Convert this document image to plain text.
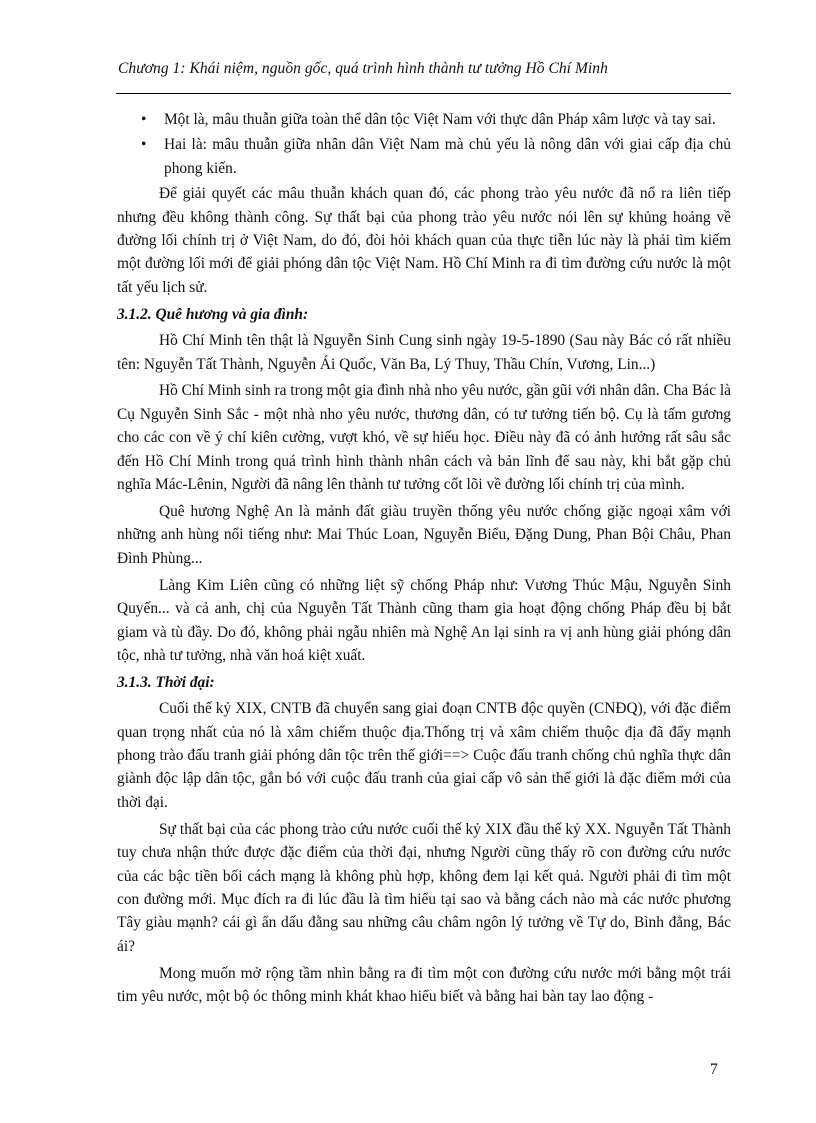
Chương 1: Khái niệm, nguồn gốc, quá trình hình thành tư tưởng Hồ Chí Minh
• Một là, mâu thuẫn giữa toàn thể dân tộc Việt Nam với thực dân Pháp xâm lược và tay sai.
• Hai là: mâu thuẫn giữa nhân dân Việt Nam mà chủ yếu là nông dân với giai cấp địa chủ phong kiến.

Để giải quyết các mâu thuẫn khách quan đó, các phong trào yêu nước đã nổ ra liên tiếp nhưng đều không thành công. Sự thất bại của phong trào yêu nước nói lên sự khủng hoảng về đường lối chính trị ở Việt Nam, do đó, đòi hỏi khách quan của thực tiễn lúc này là phải tìm kiếm một đường lối mới để giải phóng dân tộc Việt Nam. Hồ Chí Minh ra đi tìm đường cứu nước là một tất yếu lịch sử.

3.1.2. Quê hương và gia đình:

Hồ Chí Minh tên thật là Nguyễn Sinh Cung sinh ngày 19-5-1890 (Sau này Bác có rất nhiều tên: Nguyễn Tất Thành, Nguyễn Ái Quốc, Văn Ba, Lý Thuy, Thầu Chín, Vương, Lin...)

Hồ Chí Minh sinh ra trong một gia đình nhà nho yêu nước, gần gũi với nhân dân. Cha Bác là Cụ Nguyễn Sinh Sắc - một nhà nho yêu nước, thương dân, có tư tưởng tiến bộ. Cụ là tấm gương cho các con về ý chí kiên cường, vượt khó, về sự hiếu học. Điều này đã có ảnh hưởng rất sâu sắc đến Hồ Chí Minh trong quá trình hình thành nhân cách và bản lĩnh để sau này, khi bắt gặp chủ nghĩa Mác-Lênin, Người đã nâng lên thành tư tưởng cốt lõi về đường lối chính trị của mình.

Quê hương Nghệ An là mảnh đất giàu truyền thống yêu nước chống giặc ngoại xâm với những anh hùng nổi tiếng như: Mai Thúc Loan, Nguyễn Biểu, Đặng Dung, Phan Bội Châu, Phan Đình Phùng...

Làng Kim Liên cũng có những liệt sỹ chống Pháp như: Vương Thúc Mậu, Nguyễn Sinh Quyến... và cả anh, chị của Nguyễn Tất Thành cũng tham gia hoạt động chống Pháp đều bị bắt giam và tù đầy. Do đó, không phải ngẫu nhiên mà Nghệ An lại sinh ra vị anh hùng giải phóng dân tộc, nhà tư tưởng, nhà văn hoá kiệt xuất.

3.1.3. Thời đại:

Cuối thế kỷ XIX, CNTB đã chuyển sang giai đoạn CNTB độc quyền (CNĐQ), với đặc điểm quan trọng nhất của nó là xâm chiếm thuộc địa.Thống trị và xâm chiếm thuộc địa đã đẩy mạnh phong trào đấu tranh giải phóng dân tộc trên thế giới==> Cuộc đấu tranh chống chủ nghĩa thực dân giành độc lập dân tộc, gắn bó với cuộc đấu tranh của giai cấp vô sản thế giới là đặc điểm mới của thời đại.

Sự thất bại của các phong trào cứu nước cuối thế kỷ XIX đầu thế kỷ XX. Nguyễn Tất Thành tuy chưa nhận thức được đặc điểm của thời đại, nhưng Người cũng thấy rõ con đường cứu nước của các bậc tiền bối cách mạng là không phù hợp, không đem lại kết quả. Người phải đi tìm một con đường mới. Mục đích ra đi lúc đầu là tìm hiểu tại sao và bằng cách nào mà các nước phương Tây giàu mạnh? cái gì ẩn dấu đằng sau những câu châm ngôn lý tưởng về Tự do, Bình đẳng, Bác ái?

Mong muốn mở rộng tầm nhìn bằng ra đi tìm một con đường cứu nước mới bằng một trái tim yêu nước, một bộ óc thông minh khát khao hiểu biết và bằng hai bàn tay lao động -

7
